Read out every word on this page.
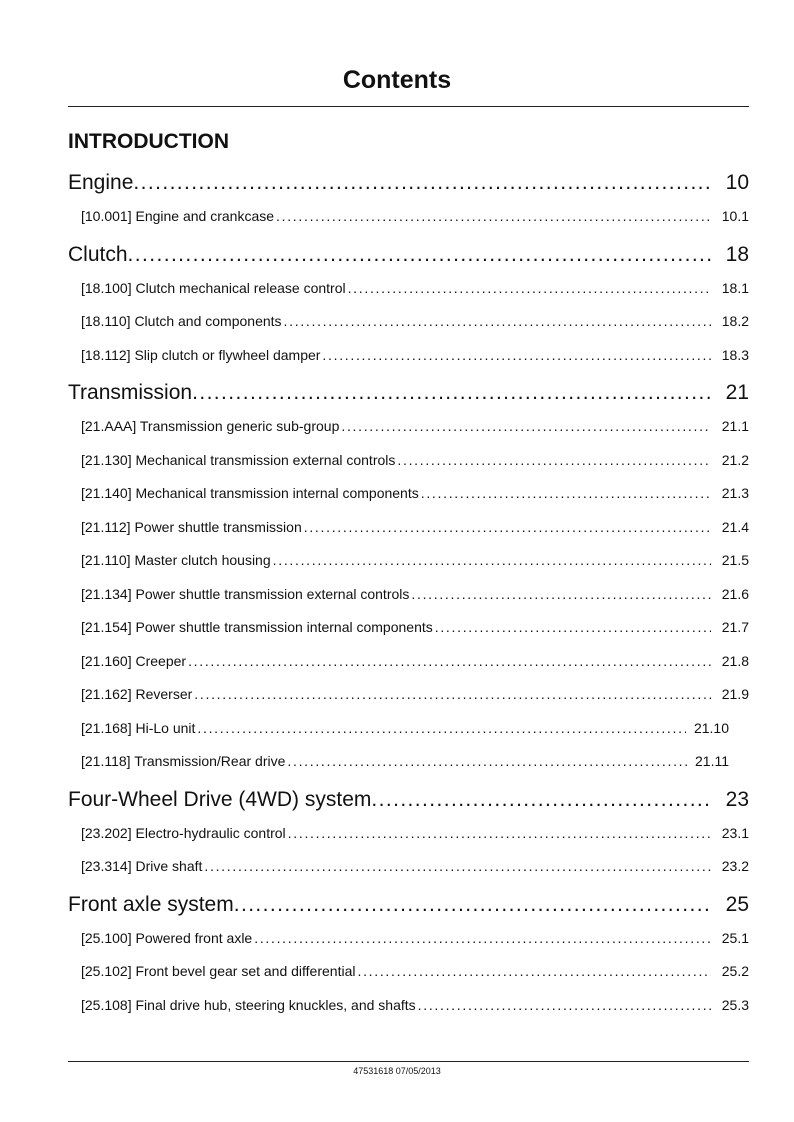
Contents
INTRODUCTION
Engine .....	10
[10.001] Engine and crankcase .....	10.1
Clutch .....	18
[18.100] Clutch mechanical release control .....	18.1
[18.110] Clutch and components .....	18.2
[18.112] Slip clutch or flywheel damper .....	18.3
Transmission .....	21
[21.AAA] Transmission generic sub-group .....	21.1
[21.130] Mechanical transmission external controls .....	21.2
[21.140] Mechanical transmission internal components .....	21.3
[21.112] Power shuttle transmission .....	21.4
[21.110] Master clutch housing .....	21.5
[21.134] Power shuttle transmission external controls .....	21.6
[21.154] Power shuttle transmission internal components .....	21.7
[21.160] Creeper .....	21.8
[21.162] Reverser .....	21.9
[21.168] Hi-Lo unit .....	21.10
[21.118] Transmission/Rear drive .....	21.11
Four-Wheel Drive (4WD) system .....	23
[23.202] Electro-hydraulic control .....	23.1
[23.314] Drive shaft .....	23.2
Front axle system .....	25
[25.100] Powered front axle .....	25.1
[25.102] Front bevel gear set and differential .....	25.2
[25.108] Final drive hub, steering knuckles, and shafts .....	25.3
47531618 07/05/2013
